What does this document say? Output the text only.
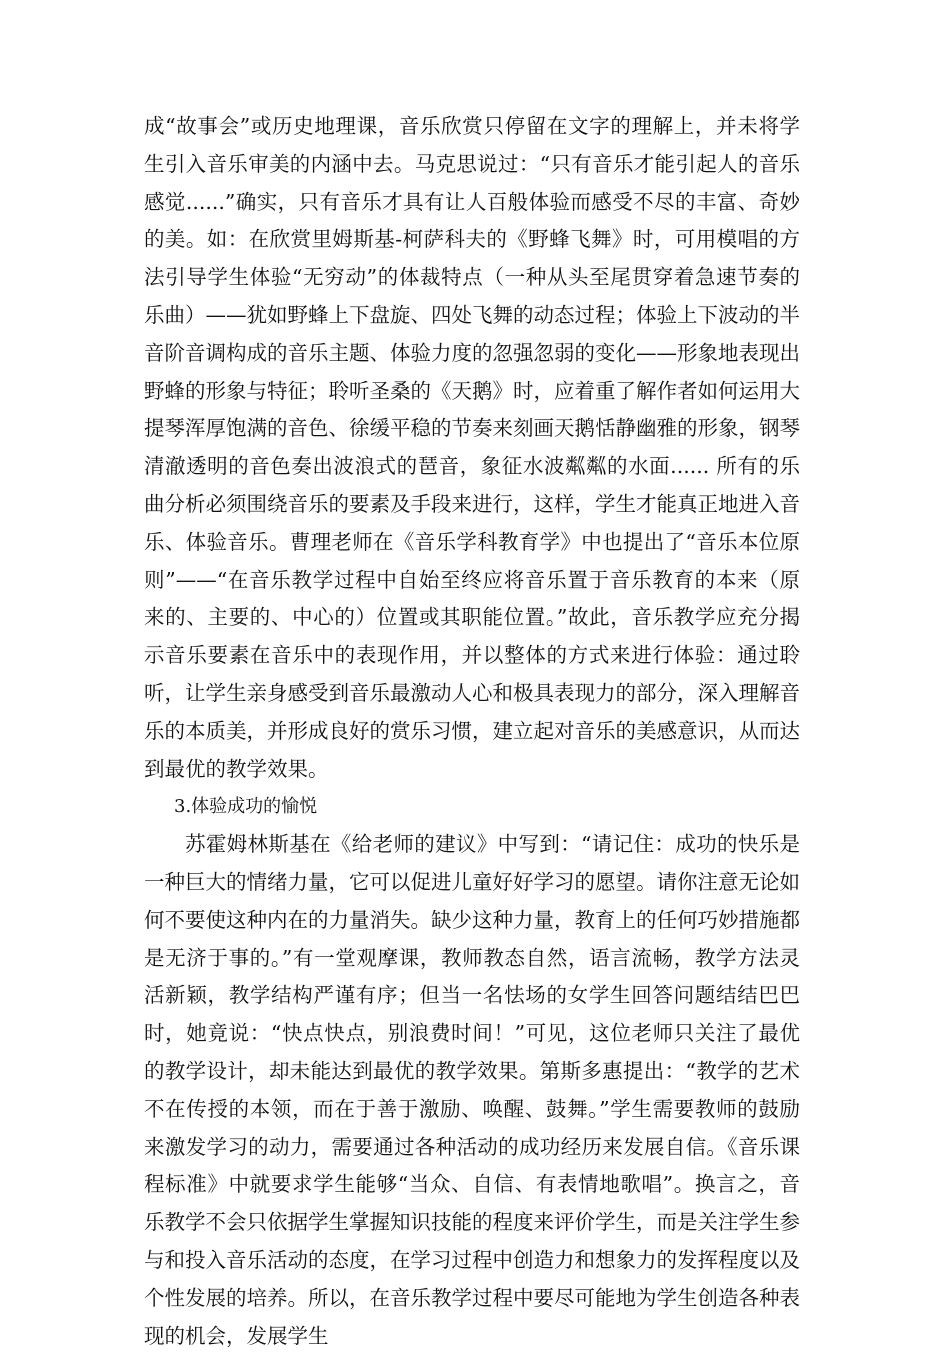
成“故事会”或历史地理课，音乐欣赏只停留在文字的理解上，并未将学生引入音乐审美的内涵中去。马克思说过：“只有音乐才能引起人的音乐感觉......”确实，只有音乐才具有让人百般体验而感受不尽的丰富、奇妙的美。如：在欣赏里姆斯基-柯萨科夫的《野蜂飞舞》时，可用模唱的方法引导学生体验“无穷动”的体裁特点（一种从头至尾贯穿着急速节奏的乐曲）——犹如野蜂上下盘旋、四处飞舞的动态过程；体验上下波动的半音阶音调构成的音乐主题、体验力度的忽强忽弱的变化——形象地表现出野蜂的形象与特征；聆听圣桑的《天鹅》时，应着重了解作者如何运用大提琴浑厚饱满的音色、徐缓平稳的节奏来刻画天鹅恬静幽雅的形象，钢琴清澈透明的音色奏出波浪式的琶音，象征水波粼粼的水面...... 所有的乐曲分析必须围绕音乐的要素及手段来进行，这样，学生才能真正地进入音乐、体验音乐。曹理老师在《音乐学科教育学》中也提出了“音乐本位原则”——“在音乐教学过程中自始至终应将音乐置于音乐教育的本来（原来的、主要的、中心的）位置或其职能位置。”故此，音乐教学应充分揭示音乐要素在音乐中的表现作用，并以整体的方式来进行体验：通过聆听，让学生亲身感受到音乐最激动人心和极具表现力的部分，深入理解音乐的本质美，并形成良好的赏乐习惯，建立起对音乐的美感意识，从而达到最优的教学效果。

3.体验成功的愉悦

苏霍姆林斯基在《给老师的建议》中写到：“请记住：成功的快乐是一种巨大的情绪力量，它可以促进儿童好好学习的愿望。请你注意无论如何不要使这种内在的力量消失。缺少这种力量，教育上的任何巧妙措施都是无济于事的。”有一堂观摩课，教师教态自然，语言流畅，教学方法灵活新颖，教学结构严谨有序；但当一名怯场的女学生回答问题结结巴巴时，她竟说：“快点快点，别浪费时间！”可见，这位老师只关注了最优的教学设计，却未能达到最优的教学效果。第斯多惠提出：“教学的艺术不在传授的本领，而在于善于激励、唤醒、鼓舞。”学生需要教师的鼓励来激发学习的动力，需要通过各种活动的成功经历来发展自信。《音乐课程标准》中就要求学生能够“当众、自信、有表情地歌唱”。换言之，音乐教学不会只依据学生掌握知识技能的程度来评价学生，而是关注学生参与和投入音乐活动的态度，在学习过程中创造力和想象力的发挥程度以及个性发展的培养。所以，在音乐教学过程中要尽可能地为学生创造各种表现的机会，发展学生
